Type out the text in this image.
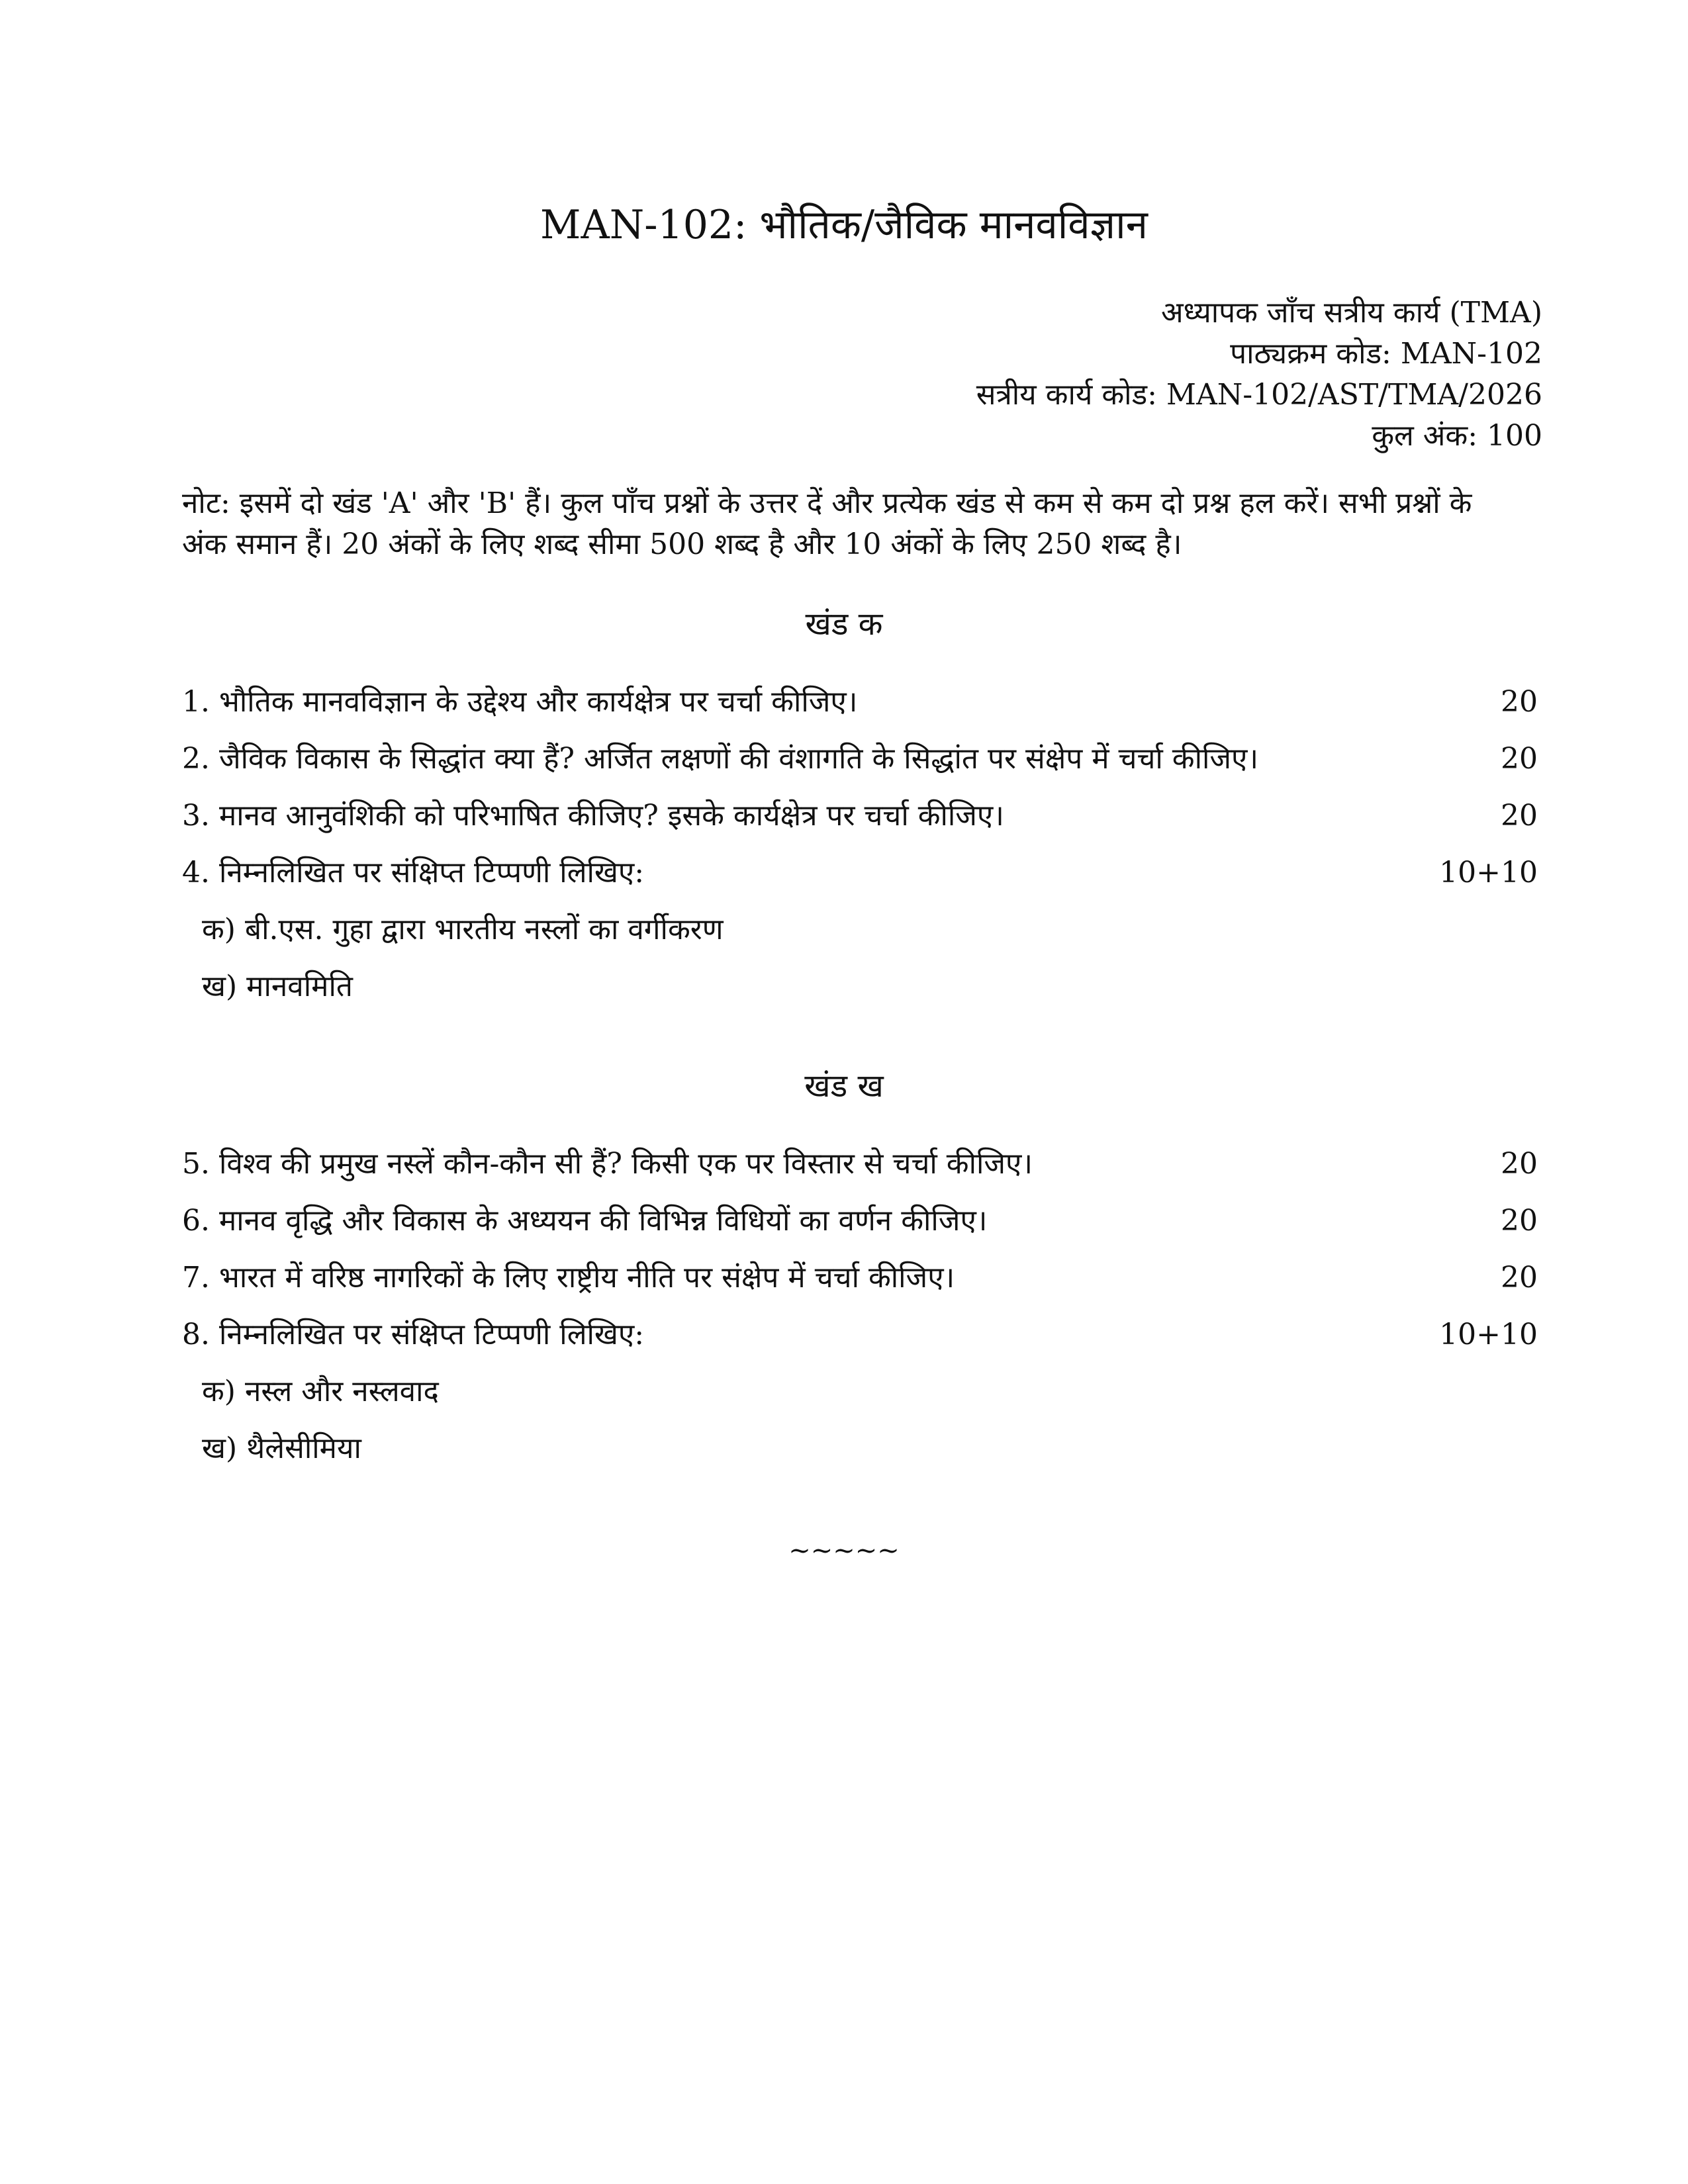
MAN-102: भौतिक/जैविक मानवविज्ञान
अध्यापक जाँच सत्रीय कार्य (TMA)
पाठ्यक्रम कोड: MAN-102
सत्रीय कार्य कोड: MAN-102/AST/TMA/2026
कुल अंक: 100
नोट: इसमें दो खंड 'A' और 'B' हैं। कुल पाँच प्रश्नों के उत्तर दें और प्रत्येक खंड से कम से कम दो प्रश्न हल करें। सभी प्रश्नों के
अंक समान हैं। 20 अंकों के लिए शब्द सीमा 500 शब्द है और 10 अंकों के लिए 250 शब्द है।
खंड क
1. भौतिक मानवविज्ञान के उद्देश्य और कार्यक्षेत्र पर चर्चा कीजिए।	20
2. जैविक विकास के सिद्धांत क्या हैं? अर्जित लक्षणों की वंशागति के सिद्धांत पर संक्षेप में चर्चा कीजिए।	20
3. मानव आनुवंशिकी को परिभाषित कीजिए? इसके कार्यक्षेत्र पर चर्चा कीजिए।	20
4. निम्नलिखित पर संक्षिप्त टिप्पणी लिखिए:	10+10
क) बी.एस. गुहा द्वारा भारतीय नस्लों का वर्गीकरण
ख) मानवमिति
खंड ख
5. विश्व की प्रमुख नस्लें कौन-कौन सी हैं? किसी एक पर विस्तार से चर्चा कीजिए।	20
6. मानव वृद्धि और विकास के अध्ययन की विभिन्न विधियों का वर्णन कीजिए।	20
7. भारत में वरिष्ठ नागरिकों के लिए राष्ट्रीय नीति पर संक्षेप में चर्चा कीजिए।	20
8. निम्नलिखित पर संक्षिप्त टिप्पणी लिखिए:	10+10
क) नस्ल और नस्लवाद
ख) थैलेसीमिया
~~~~~
